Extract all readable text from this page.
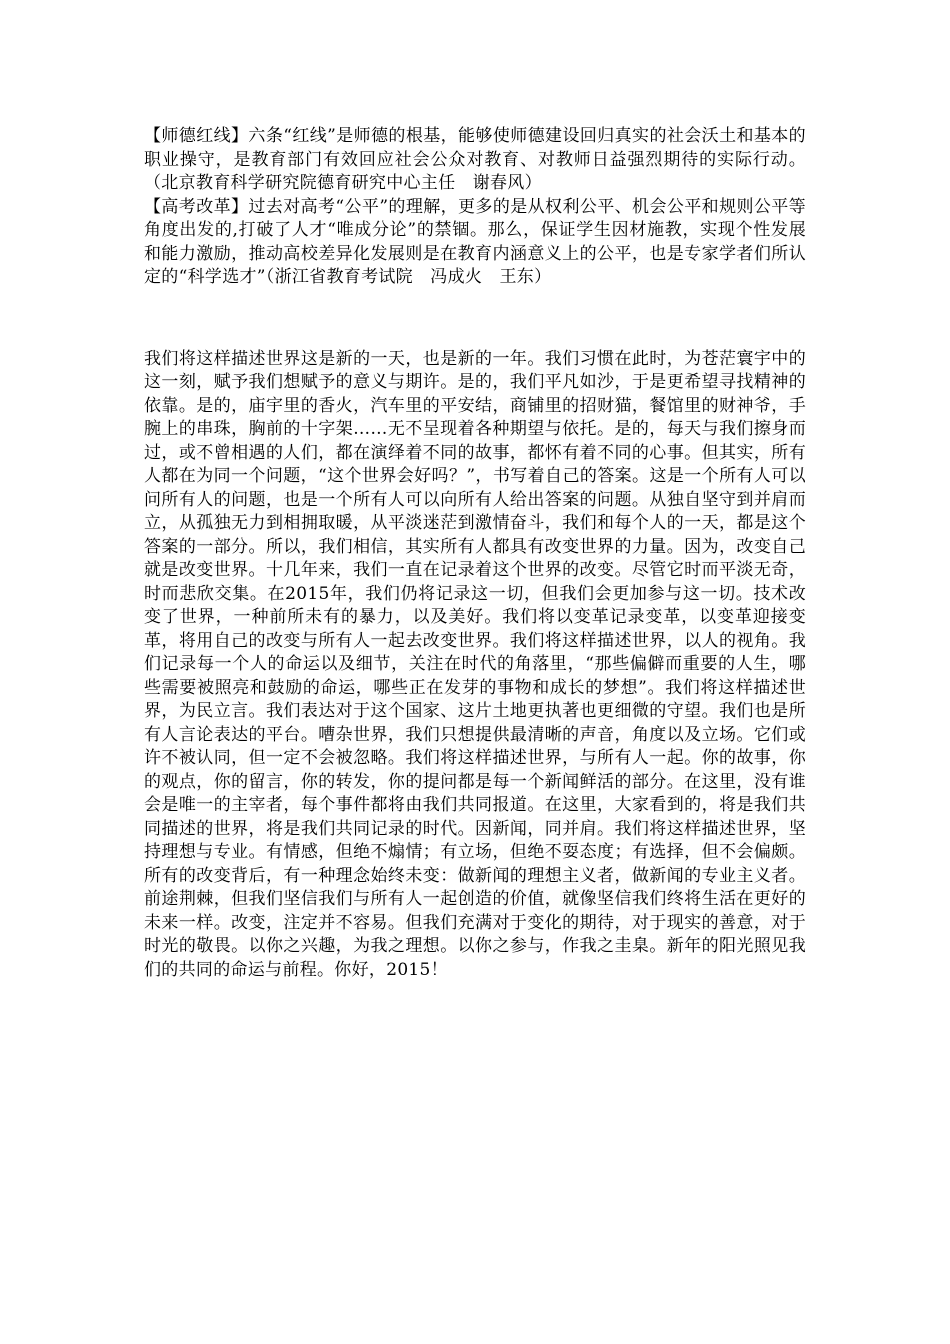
【师德红线】六条“红线”是师德的根基，能够使师德建设回归真实的社会沃土和基本的职业操守，是教育部门有效回应社会公众对教育、对教师日益强烈期待的实际行动。（北京教育科学研究院德育研究中心主任　谢春风）

【高考改革】过去对高考“公平”的理解，更多的是从权利公平、机会公平和规则公平等角度出发的,打破了人才“唯成分论”的禁锢。那么，保证学生因材施教，实现个性发展和能力激励，推动高校差异化发展则是在教育内涵意义上的公平，也是专家学者们所认定的“科学选才”（浙江省教育考试院　冯成火　王东）

我们将这样描述世界这是新的一天，也是新的一年。我们习惯在此时，为苍茫寰宇中的这一刻，赋予我们想赋予的意义与期许。是的，我们平凡如沙，于是更希望寻找精神的依靠。是的，庙宇里的香火，汽车里的平安结，商铺里的招财猫，餐馆里的财神爷，手腕上的串珠，胸前的十字架……无不呈现着各种期望与依托。是的，每天与我们擦身而过，或不曾相遇的人们，都在演绎着不同的故事，都怀有着不同的心事。但其实，所有人都在为同一个问题，“这个世界会好吗？”，书写着自己的答案。这是一个所有人可以问所有人的问题，也是一个所有人可以向所有人给出答案的问题。从独自坚守到并肩而立，从孤独无力到相拥取暖，从平淡迷茫到激情奋斗，我们和每个人的一天，都是这个答案的一部分。所以，我们相信，其实所有人都具有改变世界的力量。因为，改变自己就是改变世界。十几年来，我们一直在记录着这个世界的改变。尽管它时而平淡无奇，时而悲欣交集。在2015年，我们仍将记录这一切，但我们会更加参与这一切。技术改变了世界，一种前所未有的暴力，以及美好。我们将以变革记录变革，以变革迎接变革，将用自己的改变与所有人一起去改变世界。我们将这样描述世界，以人的视角。我们记录每一个人的命运以及细节，关注在时代的角落里，“那些偏僻而重要的人生，哪些需要被照亮和鼓励的命运，哪些正在发芽的事物和成长的梦想”。我们将这样描述世界，为民立言。我们表达对于这个国家、这片土地更执著也更细微的守望。我们也是所有人言论表达的平台。嘈杂世界，我们只想提供最清晰的声音，角度以及立场。它们或许不被认同，但一定不会被忽略。我们将这样描述世界，与所有人一起。你的故事，你的观点，你的留言，你的转发，你的提问都是每一个新闻鲜活的部分。在这里，没有谁会是唯一的主宰者，每个事件都将由我们共同报道。在这里，大家看到的，将是我们共同描述的世界，将是我们共同记录的时代。因新闻，同并肩。我们将这样描述世界，坚持理想与专业。有情感，但绝不煽情；有立场，但绝不耍态度；有选择，但不会偏颇。所有的改变背后，有一种理念始终未变：做新闻的理想主义者，做新闻的专业主义者。前途荆棘，但我们坚信我们与所有人一起创造的价值，就像坚信我们终将生活在更好的未来一样。改变，注定并不容易。但我们充满对于变化的期待，对于现实的善意，对于时光的敬畏。以你之兴趣，为我之理想。以你之参与，作我之圭臬。新年的阳光照见我们的共同的命运与前程。你好，2015！
